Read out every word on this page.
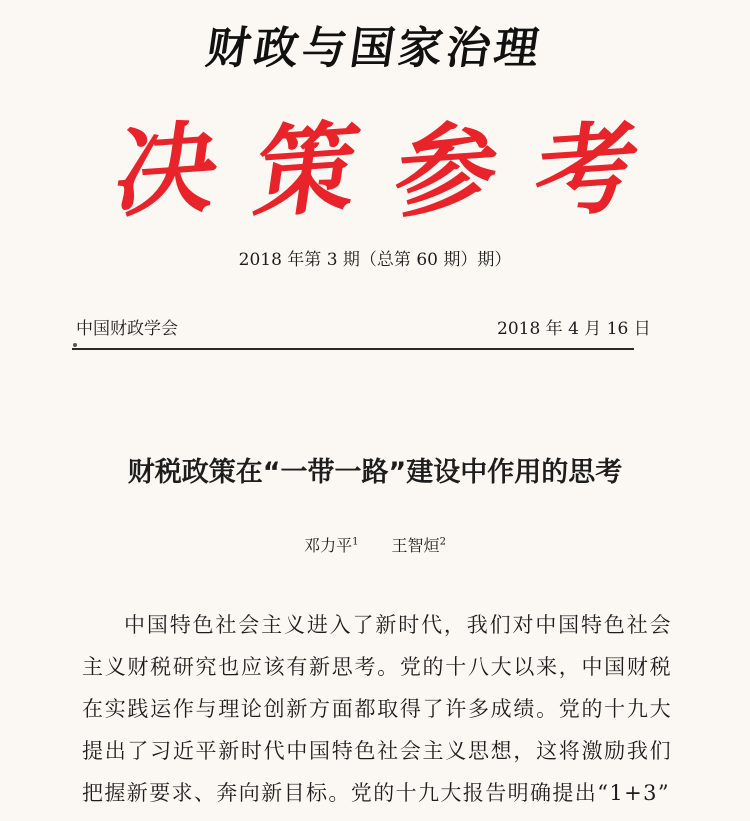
财政与国家治理
决 策 参 考
2018 年第 3 期（总第 60 期）期）
中国财政学会	2018 年 4 月 16 日
财税政策在“一带一路”建设中作用的思考
邓力平$^1$ 王智烜$^2$

中国特色社会主义进入了新时代，我们对中国特色社会主义财税研究也应该有新思考。党的十八大以来，中国财税在实践运作与理论创新方面都取得了许多成绩。党的十九大提出了习近平新时代中国特色社会主义思想，这将激励我们把握新要求、奔向新目标。党的十九大报告明确提出“1+3”
